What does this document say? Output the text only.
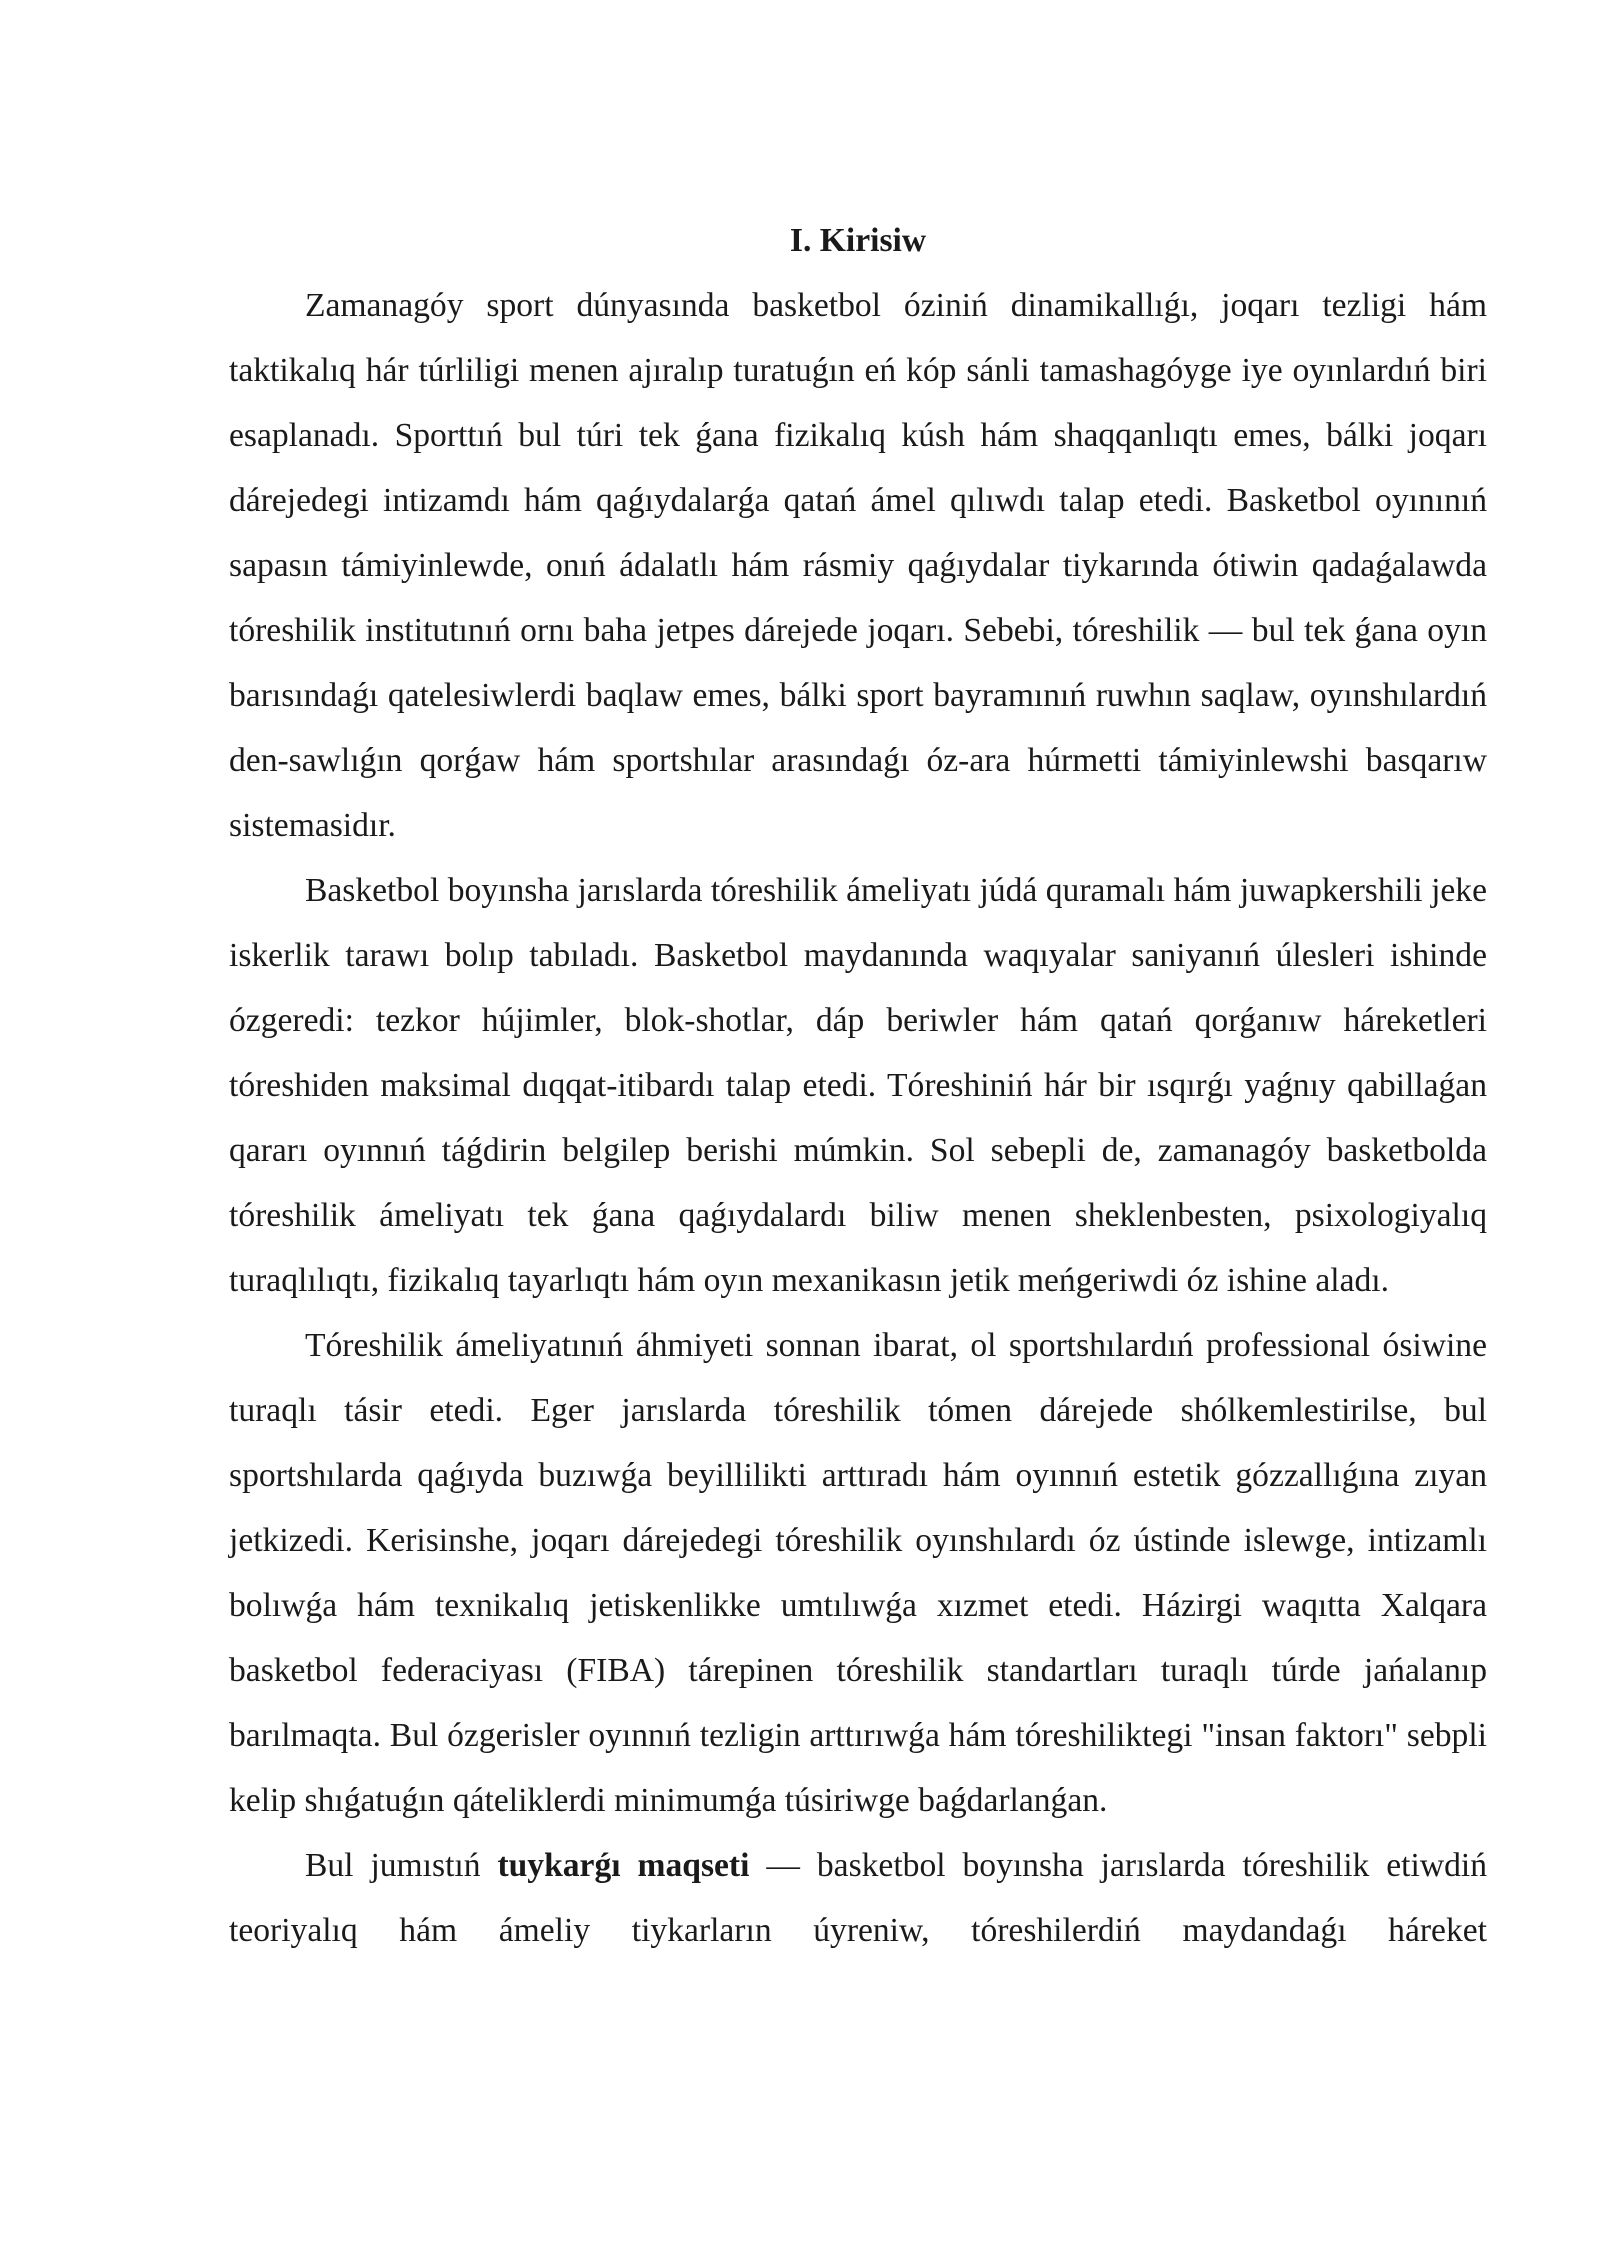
I. Kirisiw

Zamanagóy sport dúnyasında basketbol óziniń dinamikallıǵı, joqarı tezligi hám taktikalıq hár túrliligi menen ajıralıp turatuǵın eń kóp sánli tamashagóyge iye oyınlardıń biri esaplanadı. Sporttıń bul túri tek ǵana fizikalıq kúsh hám shaqqanlıqtı emes, bálki joqarı dárejedegi intizamdı hám qaǵıydalarǵa qatań ámel qılıwdı talap etedi. Basketbol oyınınıń sapasın támiyinlewde, onıń ádalatlı hám rásmiy qaǵıydalar tiykarında ótiwin qadaǵalawda tóreshilik institutınıń ornı baha jetpes dárejede joqarı. Sebebi, tóreshilik — bul tek ǵana oyın barısındaǵı qatelesiwlerdi baqlaw emes, bálki sport bayramınıń ruwhın saqlaw, oyınshılardıń den-sawlıǵın qorǵaw hám sportshılar arasındaǵı óz-ara húrmetti támiyinlewshi basqarıw sistemasidır.

Basketbol boyınsha jarıslarda tóreshilik ámeliyatı júdá quramalı hám juwapkershili jeke iskerlik tarawı bolıp tabıladı. Basketbol maydanında waqıyalar saniyanıń úlesleri ishinde ózgeredi: tezkor hújimler, blok-shotlar, dáp beriwler hám qatań qorǵanıw háreketleri tóreshiden maksimal dıqqat-itibardı talap etedi. Tóreshiniń hár bir ısqırǵı yaǵnıy qabillaǵan qararı oyınnıń táǵdirin belgilep berishi múmkin. Sol sebepli de, zamanagóy basketbolda tóreshilik ámeliyatı tek ǵana qaǵıydalardı biliw menen sheklenbesten, psixologiyalıq turaqlılıqtı, fizikalıq tayarlıqtı hám oyın mexanikasın jetik meńgeriwdi óz ishine aladı.

Tóreshilik ámeliyatınıń áhmiyeti sonnan ibarat, ol sportshılardıń professional ósiwine turaqlı tásir etedi. Eger jarıslarda tóreshilik tómen dárejede shólkemlestirilse, bul sportshılarda qaǵıyda buzıwǵa beyillilikti arttıradı hám oyınnıń estetik gózzallıǵına zıyan jetkizedi. Kerisinshe, joqarı dárejedegi tóreshilik oyınshılardı óz ústinde islewge, intizamlı bolıwǵa hám texnikalıq jetiskenlikke umtılıwǵa xızmet etedi. Házirgi waqıtta Xalqara basketbol federaciyası (FIBA) tárepinen tóreshilik standartları turaqlı túrde jańalanıp barılmaqta. Bul ózgerisler oyınnıń tezligin arttırıwǵa hám tóreshiliktegi "insan faktorı" sebpli kelip shıǵatuǵın qáteliklerdi minimumǵa túsiriwge baǵdarlanǵan.

Bul jumıstıń tuykarǵı maqseti — basketbol boyınsha jarıslarda tóreshilik etiwdiń teoriyalıq hám ámeliy tiykarların úyreniw, tóreshilerdiń maydandaǵı háreket
